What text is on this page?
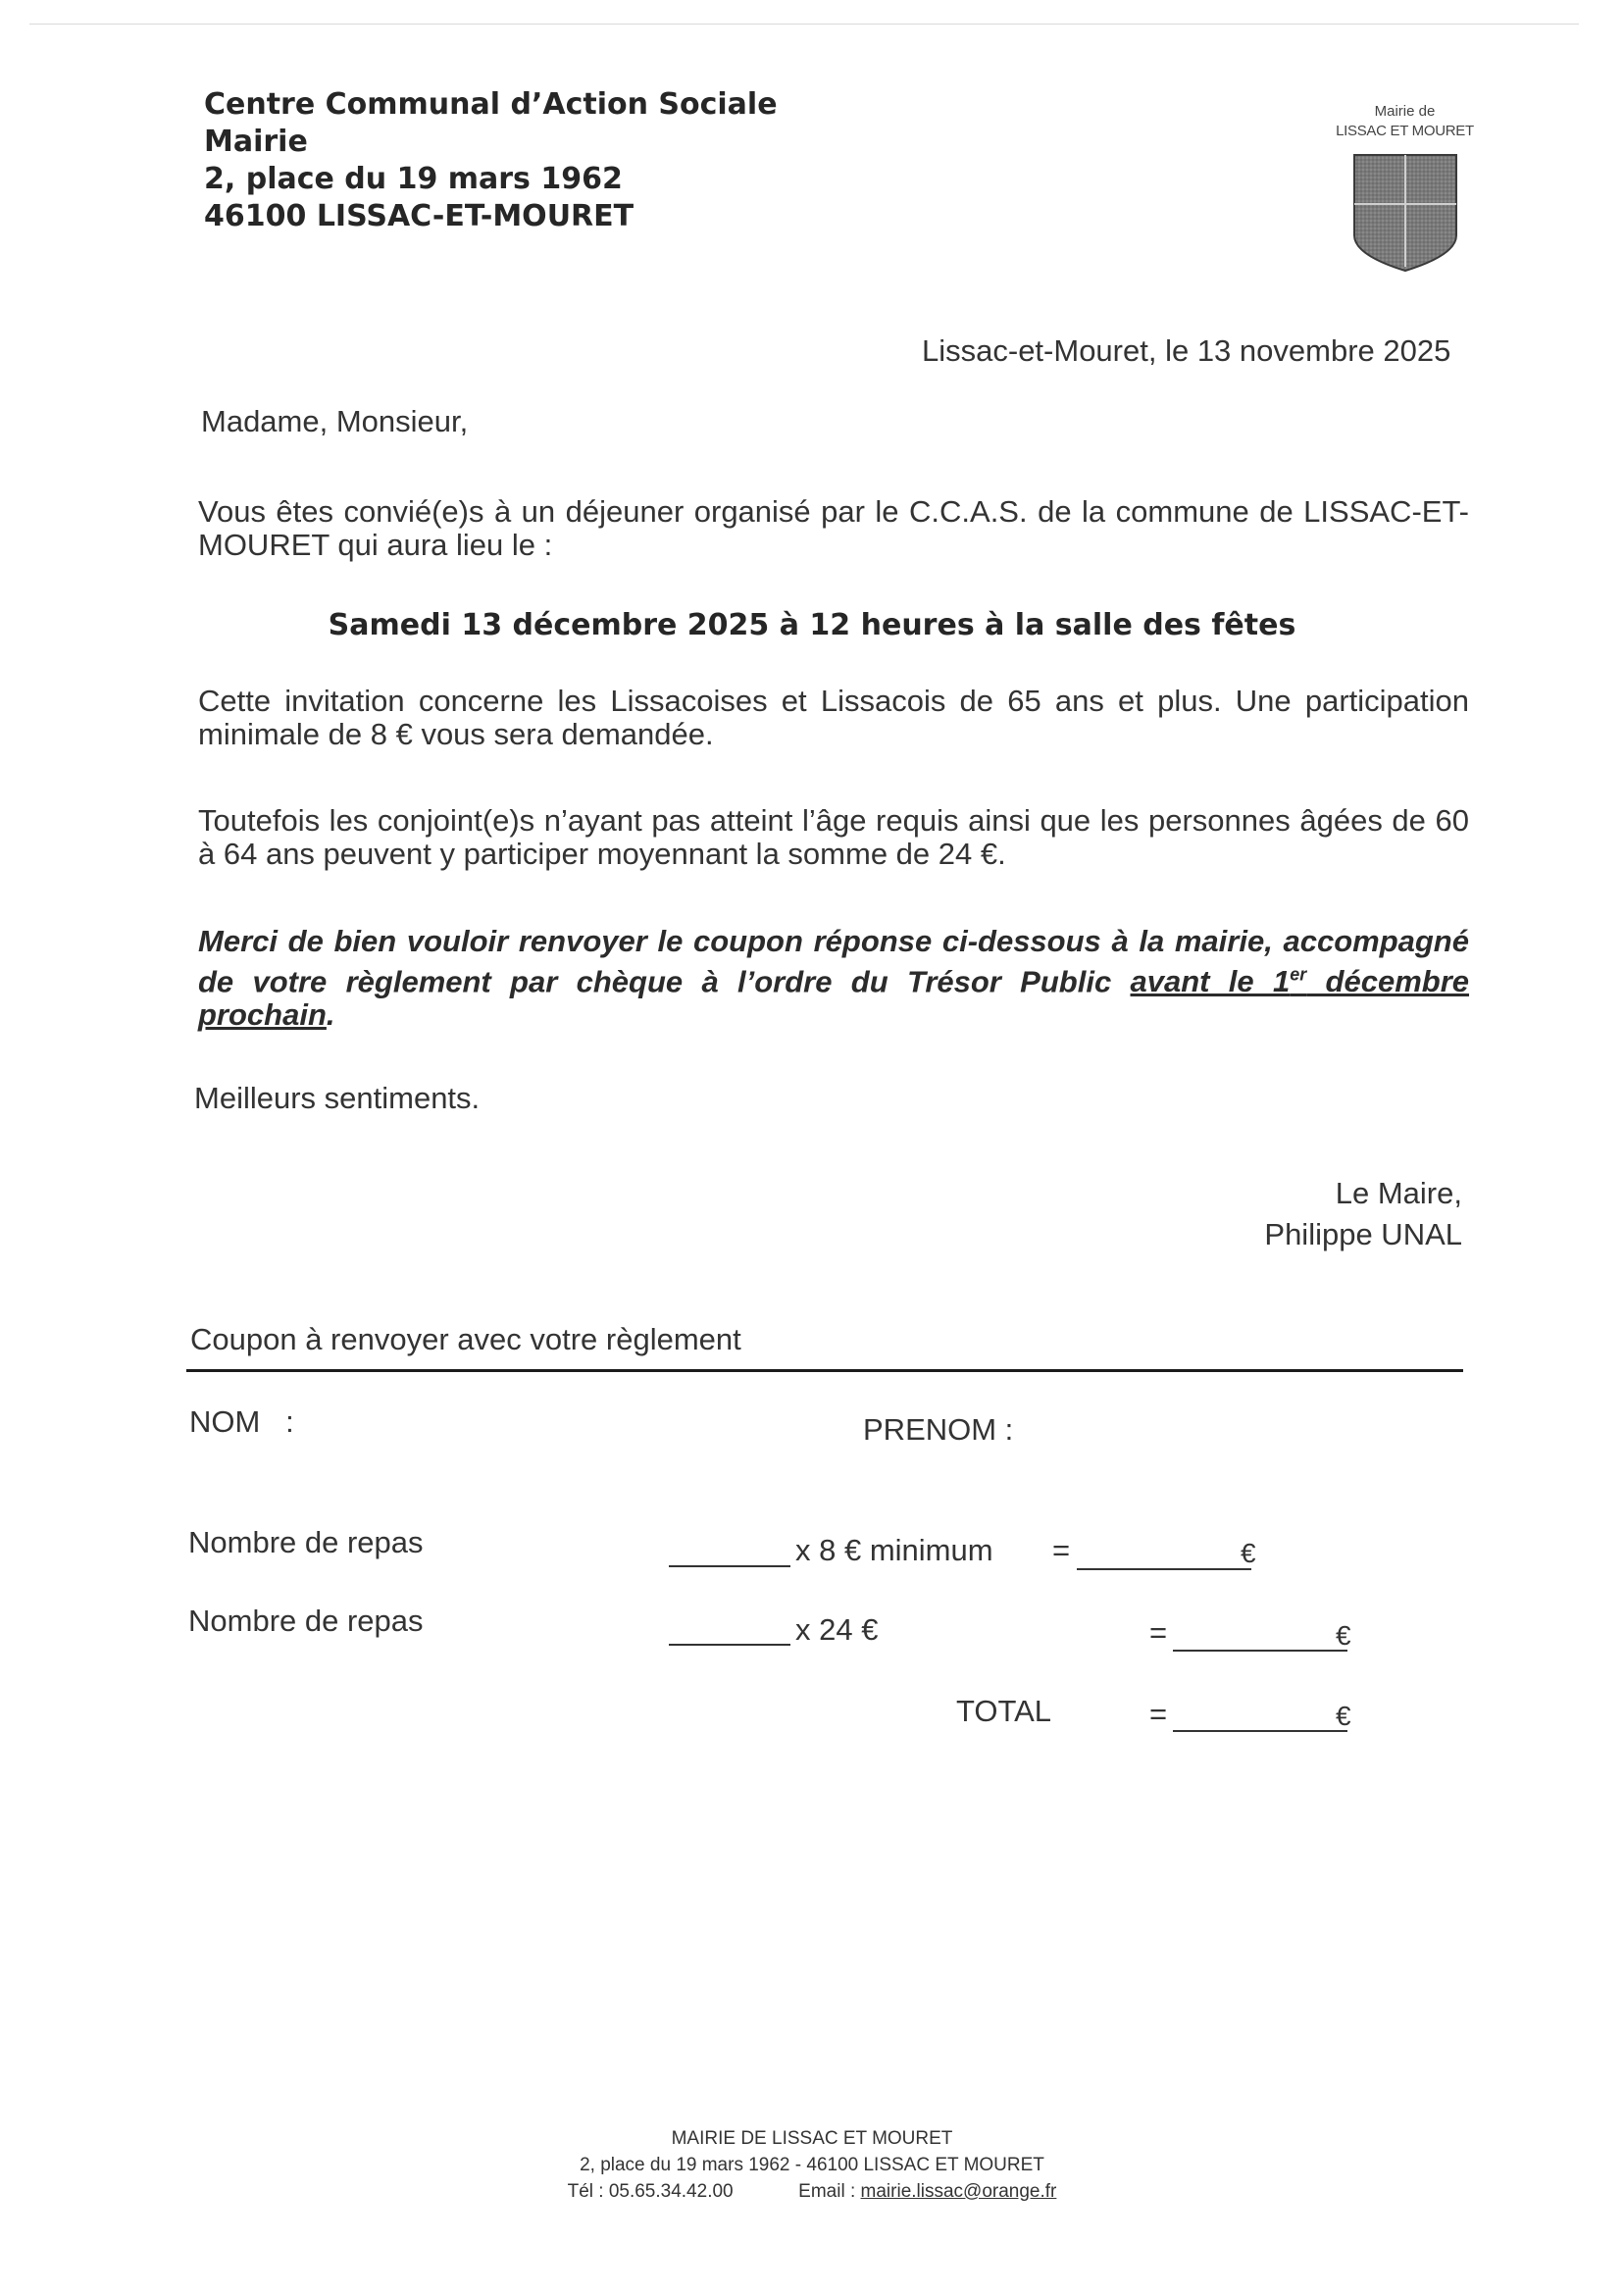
Centre Communal d’Action Sociale
Mairie
2, place du 19 mars 1962
46100 LISSAC-ET-MOURET
Mairie de
LISSAC ET MOURET
Lissac-et-Mouret, le 13 novembre 2025
Madame, Monsieur,
Vous êtes convié(e)s à un déjeuner organisé par le C.C.A.S. de la commune de LISSAC-ET-MOURET qui aura lieu le :
Samedi 13 décembre 2025 à 12 heures à la salle des fêtes
Cette invitation concerne les Lissacoises et Lissacois de 65 ans et plus. Une participation minimale de 8 € vous sera demandée.
Toutefois les conjoint(e)s n’ayant pas atteint l’âge requis ainsi que les personnes âgées de 60 à 64 ans peuvent y participer moyennant la somme de 24 €.
Merci de bien vouloir renvoyer le coupon réponse ci-dessous à la mairie, accompagné de votre règlement par chèque à l’ordre du Trésor Public avant le 1er décembre prochain.
Meilleurs sentiments.
Le Maire,
Philippe UNAL
Coupon à renvoyer avec votre règlement
NOM   :	PRENOM :
Nombre de repas	x 8 € minimum =	€
Nombre de repas	x 24 €	=	€
TOTAL	=	€
MAIRIE DE LISSAC ET MOURET
2, place du 19 mars 1962 - 46100 LISSAC ET MOURET
Tél : 05.65.34.42.00	Email : mairie.lissac@orange.fr
